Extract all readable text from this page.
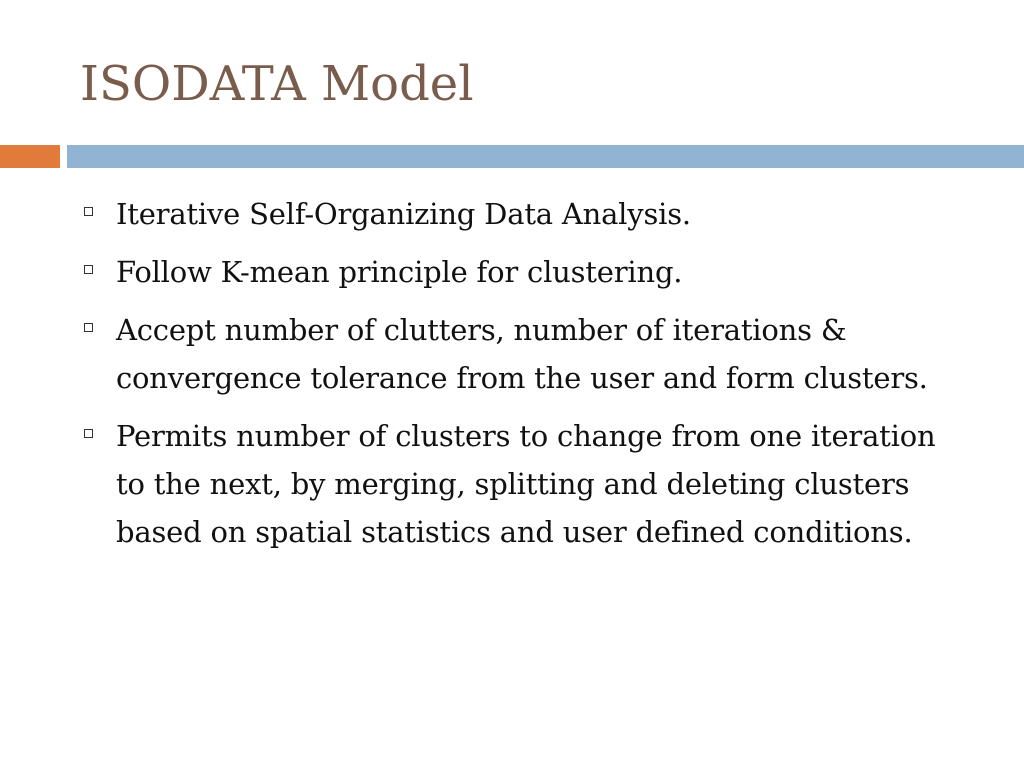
ISODATA Model
Iterative Self-Organizing Data Analysis.
Follow K-mean principle for clustering.
Accept number of clutters, number of iterations & convergence tolerance from the user and form clusters.
Permits number of clusters to change from one iteration to the next, by merging, splitting and deleting clusters based on spatial statistics and user defined conditions.
